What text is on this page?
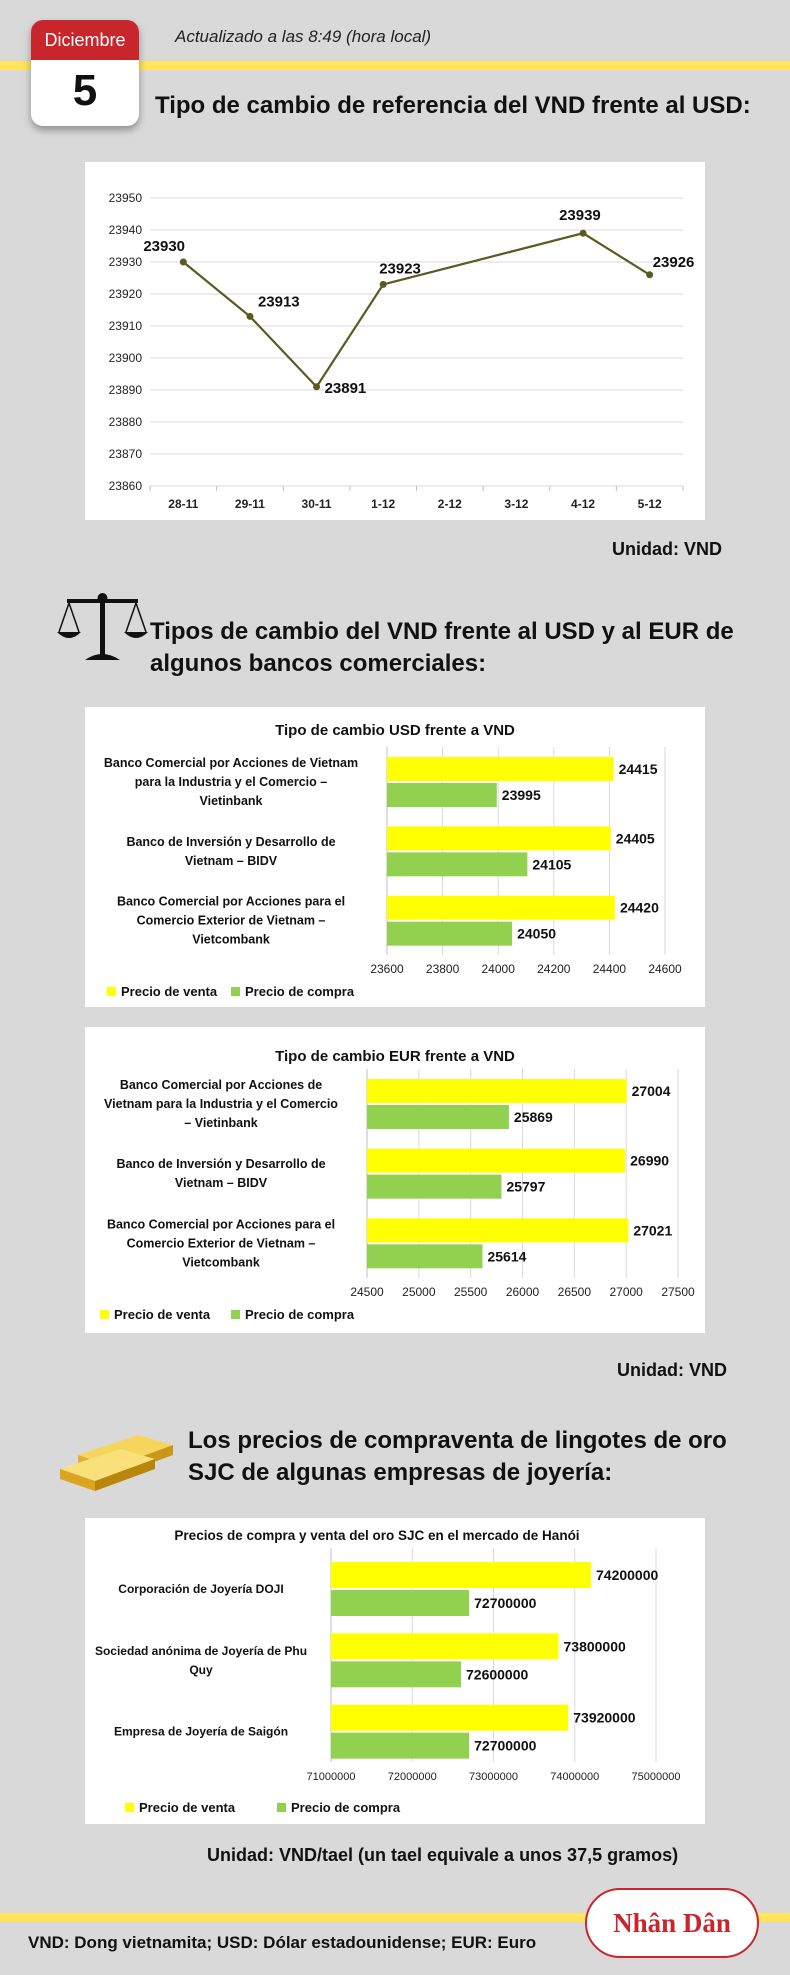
Diciembre
5
Actualizado a las 8:49 (hora local)
Tipo de cambio de referencia del VND frente al USD:
23860
23870
23880
23890
23900
23910
23920
23930
23940
23950
28-11	29-11	30-11	1-12	2-12	3-12	4-12	5-12
23930
23913
23891
23923
23939
23926
Unidad: VND
Tipos de cambio del VND frente al USD y al EUR de
algunos bancos comerciales:
Tipo de cambio USD frente a VND
23600 23800 24000 24200 24400 24600
24415
23995
Banco Comercial por Acciones de Vietnam
para la Industria y el Comercio –
Vietinbank
24405
24105
Banco de Inversión y Desarrollo de
Vietnam – BIDV
24420
24050
Banco Comercial por Acciones para el
Comercio Exterior de Vietnam –
Vietcombank
Precio de venta Precio de compra
Tipo de cambio EUR frente a VND
24500 25000 25500 26000 26500 27000 27500
27004
25869
Banco Comercial por Acciones de
Vietnam para la Industria y el Comercio
– Vietinbank
26990
25797
Banco de Inversión y Desarrollo de
Vietnam – BIDV
27021
25614
Banco Comercial por Acciones para el
Comercio Exterior de Vietnam –
Vietcombank
Precio de venta	Precio de compra
Unidad: VND
Los precios de compraventa de lingotes de oro
SJC de algunas empresas de joyería:
Precios de compra y venta del oro SJC en el mercado de Hanói
71000000	72000000	73000000	74000000	75000000
74200000
72700000
Corporación de Joyería DOJI
73800000
72600000
Sociedad anónima de Joyería de Phu
Quy
73920000
72700000
Empresa de Joyería de Saigón
Precio de venta	Precio de compra
Unidad: VND/tael (un tael equivale a unos 37,5 gramos)
Nhân Dân
VND: Dong vietnamita; USD: Dólar estadounidense; EUR: Euro
